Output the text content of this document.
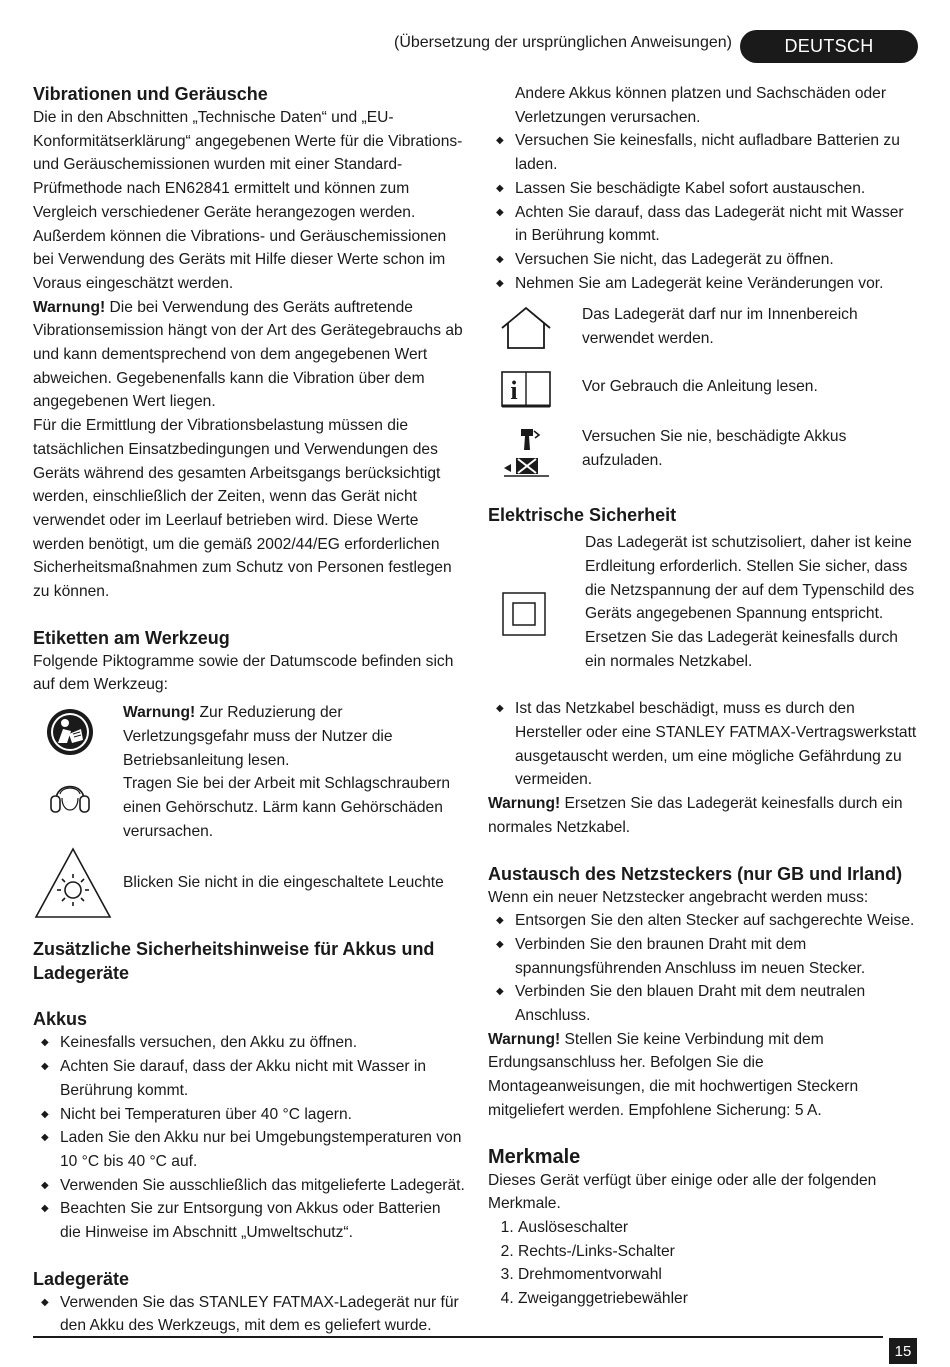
(Übersetzung der ursprünglichen Anweisungen)	DEUTSCH
Vibrationen und Geräusche

Die in den Abschnitten „Technische Daten“ und „EU-Konformitätserklärung“ angegebenen Werte für die Vibrations- und Geräuschemissionen wurden mit einer Standard-Prüfmethode nach EN62841 ermittelt und können zum Vergleich verschiedener Geräte herangezogen werden. Außerdem können die Vibrations- und Geräuschemissionen bei Verwendung des Geräts mit Hilfe dieser Werte schon im Voraus eingeschätzt werden.

Warnung! Die bei Verwendung des Geräts auftretende Vibrationsemission hängt von der Art des Gerätegebrauchs ab und kann dementsprechend von dem angegebenen Wert abweichen. Gegebenenfalls kann die Vibration über dem angegebenen Wert liegen.

Für die Ermittlung der Vibrationsbelastung müssen die tatsächlichen Einsatzbedingungen und Verwendungen des Geräts während des gesamten Arbeitsgangs berücksichtigt werden, einschließlich der Zeiten, wenn das Gerät nicht verwendet oder im Leerlauf betrieben wird. Diese Werte werden benötigt, um die gemäß 2002/44/EG erforderlichen Sicherheitsmaßnahmen zum Schutz von Personen festlegen zu können.

Etiketten am Werkzeug

Folgende Piktogramme sowie der Datumscode befinden sich auf dem Werkzeug:

Warnung! Zur Reduzierung der Verletzungsgefahr muss der Nutzer die Betriebsanleitung lesen.
Tragen Sie bei der Arbeit mit Schlagschraubern einen Gehörschutz. Lärm kann Gehörschäden verursachen.
Blicken Sie nicht in die eingeschaltete Leuchte
Zusätzliche Sicherheitshinweise für Akkus und Ladegeräte
Akkus
◆ Keinesfalls versuchen, den Akku zu öffnen.
◆ Achten Sie darauf, dass der Akku nicht mit Wasser in Berührung kommt.
◆ Nicht bei Temperaturen über 40 °C lagern.
◆ Laden Sie den Akku nur bei Umgebungstemperaturen von 10 °C bis 40 °C auf.
◆ Verwenden Sie ausschließlich das mitgelieferte Ladegerät.
◆ Beachten Sie zur Entsorgung von Akkus oder Batterien die Hinweise im Abschnitt „Umweltschutz“.
Ladegeräte
◆ Verwenden Sie das STANLEY FATMAX-Ladegerät nur für den Akku des Werkzeugs, mit dem es geliefert wurde.

Andere Akkus können platzen und Sachschäden oder Verletzungen verursachen.

◆ Versuchen Sie keinesfalls, nicht aufladbare Batterien zu laden.
◆ Lassen Sie beschädigte Kabel sofort austauschen.
◆ Achten Sie darauf, dass das Ladegerät nicht mit Wasser in Berührung kommt.
◆ Versuchen Sie nicht, das Ladegerät zu öffnen.
◆ Nehmen Sie am Ladegerät keine Veränderungen vor.
Das Ladegerät darf nur im Innenbereich verwendet werden.
i	Vor Gebrauch die Anleitung lesen.
Versuchen Sie nie, beschädigte Akkus aufzuladen.
Elektrische Sicherheit
Das Ladegerät ist schutzisoliert, daher ist keine Erdleitung erforderlich. Stellen Sie sicher, dass die Netzspannung der auf dem Typenschild des Geräts angegebenen Spannung entspricht. Ersetzen Sie das Ladegerät keinesfalls durch ein normales Netzkabel.
◆ Ist das Netzkabel beschädigt, muss es durch den Hersteller oder eine STANLEY FATMAX-Vertragswerkstatt ausgetauscht werden, um eine mögliche Gefährdung zu vermeiden.

Warnung! Ersetzen Sie das Ladegerät keinesfalls durch ein normales Netzkabel.

Austausch des Netzsteckers (nur GB und Irland)

Wenn ein neuer Netzstecker angebracht werden muss:

◆ Entsorgen Sie den alten Stecker auf sachgerechte Weise.
◆ Verbinden Sie den braunen Draht mit dem spannungsführenden Anschluss im neuen Stecker.
◆ Verbinden Sie den blauen Draht mit dem neutralen Anschluss.

Warnung! Stellen Sie keine Verbindung mit dem Erdungsanschluss her. Befolgen Sie die Montageanweisungen, die mit hochwertigen Steckern mitgeliefert werden. Empfohlene Sicherung: 5 A.

Merkmale

Dieses Gerät verfügt über einige oder alle der folgenden Merkmale.

1. Auslöseschalter
2. Rechts-/Links-Schalter
3. Drehmomentvorwahl
4. Zweiganggetriebewähler
15
